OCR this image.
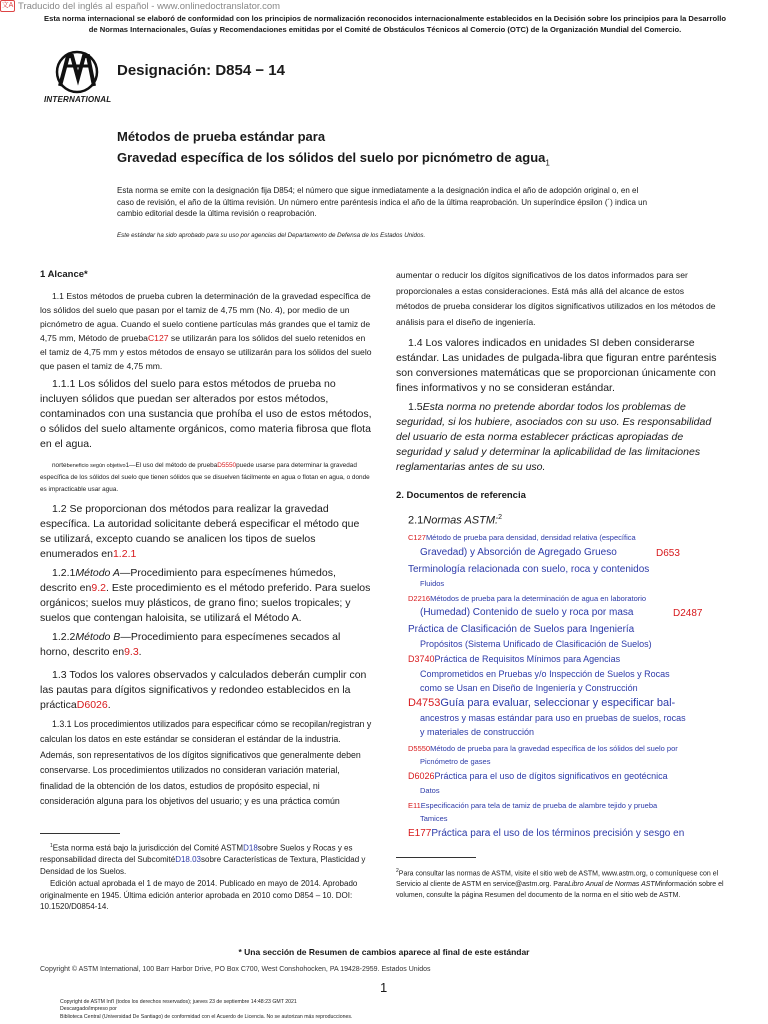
文A Traducido del inglés al español - www.onlinedoctranslator.com
Esta norma internacional se elaboró de conformidad con los principios de normalización reconocidos internacionalmente establecidos en la Decisión sobre los principios para la Desarrollo de Normas Internacionales, Guías y Recomendaciones emitidas por el Comité de Obstáculos Técnicos al Comercio (OTC) de la Organización Mundial del Comercio.
INTERNATIONAL
Designación: D854 − 14
Métodos de prueba estándar para
Gravedad específica de los sólidos del suelo por picnómetro de agua$_1$
Esta norma se emite con la designación fija D854; el número que sigue inmediatamente a la designación indica el año de adopción original o, en el caso de revisión, el año de la última revisión. Un número entre paréntesis indica el año de la última reaprobación. Un superíndice épsilon (´) indica un cambio editorial desde la última revisión o reaprobación.
Este estándar ha sido aprobado para su uso por agencias del Departamento de Defensa de los Estados Unidos.
1 Alcance*

1.1 Estos métodos de prueba cubren la determinación de la gravedad específica de los sólidos del suelo que pasan por el tamiz de 4,75 mm (No. 4), por medio de un picnómetro de agua. Cuando el suelo contiene partículas más grandes que el tamiz de 4,75 mm, Método de pruebaC127 se utilizarán para los sólidos del suelo retenidos en el tamiz de 4,75 mm y estos métodos de ensayo se utilizarán para los sólidos del suelo que pasen el tamiz de 4,75 mm.

1.1.1 Los sólidos del suelo para estos métodos de prueba no incluyen sólidos que puedan ser alterados por estos métodos, contaminados con una sustancia que prohíba el uso de estos métodos, o sólidos del suelo altamente orgánicos, como materia fibrosa que flota en el agua.

nortebeneficio según objetivo1—El uso del método de pruebaD5550puede usarse para determinar la gravedad específica de los sólidos del suelo que tienen sólidos que se disuelven fácilmente en agua o flotan en agua, o donde es impracticable usar agua.

1.2 Se proporcionan dos métodos para realizar la gravedad específica. La autoridad solicitante deberá especificar el método que se utilizará, excepto cuando se analicen los tipos de suelos enumerados en1.2.1

1.2.1Método A—Procedimiento para especímenes húmedos, descrito en9.2. Este procedimiento es el método preferido. Para suelos orgánicos; suelos muy plásticos, de grano fino; suelos tropicales; y suelos que contengan haloisita, se utilizará el Método A.

1.2.2Método B—Procedimiento para especímenes secados al horno, descrito en9.3.

1.3 Todos los valores observados y calculados deberán cumplir con las pautas para dígitos significativos y redondeo establecidos en la prácticaD6026.

1.3.1 Los procedimientos utilizados para especificar cómo se recopilan/registran y calculan los datos en este estándar se consideran el estándar de la industria. Además, son representativos de los dígitos significativos que generalmente deben conservarse. Los procedimientos utilizados no consideran variación material, finalidad de la obtención de los datos, estudios de propósito especial, ni consideración alguna para los objetivos del usuario; y es una práctica común

aumentar o reducir los dígitos significativos de los datos informados para ser proporcionales a estas consideraciones. Está más allá del alcance de estos métodos de prueba considerar los dígitos significativos utilizados en los métodos de análisis para el diseño de ingeniería.

1.4 Los valores indicados en unidades SI deben considerarse estándar. Las unidades de pulgada-libra que figuran entre paréntesis son conversiones matemáticas que se proporcionan únicamente con fines informativos y no se consideran estándar.

1.5Esta norma no pretende abordar todos los problemas de seguridad, si los hubiere, asociados con su uso. Es responsabilidad del usuario de esta norma establecer prácticas apropiadas de seguridad y salud y determinar la aplicabilidad de las limitaciones reglamentarias antes de su uso.

2. Documentos de referencia
2.1Normas ASTM:$^2$
C127Método de prueba para densidad, densidad relativa (específica
Gravedad) y Absorción de Agregado Grueso	D653
Terminología relacionada con suelo, roca y contenidos
Fluidos
D2216Métodos de prueba para la determinación de agua en laboratorio
(Humedad) Contenido de suelo y roca por masa	D2487
Práctica de Clasificación de Suelos para Ingeniería
Propósitos (Sistema Unificado de Clasificación de Suelos)
D3740Práctica de Requisitos Mínimos para Agencias
Comprometidos en Pruebas y/o Inspección de Suelos y Rocas
como se Usan en Diseño de Ingeniería y Construcción
D4753Guía para evaluar, seleccionar y especificar bal-
ancestros y masas estándar para uso en pruebas de suelos, rocas
y materiales de construcción
D5550Método de prueba para la gravedad específica de los sólidos del suelo por
Picnómetro de gases
D6026Práctica para el uso de dígitos significativos en geotécnica
Datos
E11Especificación para tela de tamiz de prueba de alambre tejido y prueba
Tamices
E177Práctica para el uso de los términos precisión y sesgo en

$^1$Esta norma está bajo la jurisdicción del Comité ASTMD18sobre Suelos y Rocas y es responsabilidad directa del SubcomitéD18.03sobre Características de Textura, Plasticidad y Densidad de los Suelos.

Edición actual aprobada el 1 de mayo de 2014. Publicado en mayo de 2014. Aprobado originalmente en 1945. Última edición anterior aprobada en 2010 como D854 – 10. DOI: 10.1520/D0854-14.

$^2$Para consultar las normas de ASTM, visite el sitio web de ASTM, www.astm.org, o comuníquese con el Servicio al cliente de ASTM en service@astm.org. ParaLibro Anual de Normas ASTMinformación sobre el volumen, consulte la página Resumen del documento de la norma en el sitio web de ASTM.
* Una sección de Resumen de cambios aparece al final de este estándar
Copyright © ASTM International, 100 Barr Harbor Drive, PO Box C700, West Conshohocken, PA 19428-2959. Estados Unidos
1
Copyright de ASTM Int'l (todos los derechos reservados); jueves 23 de septiembre 14:48:23 GMT 2021
Descargado/impreso por
Biblioteca Central (Universidad De Santiago) de conformidad con el Acuerdo de Licencia. No se autorizan más reproducciones.
